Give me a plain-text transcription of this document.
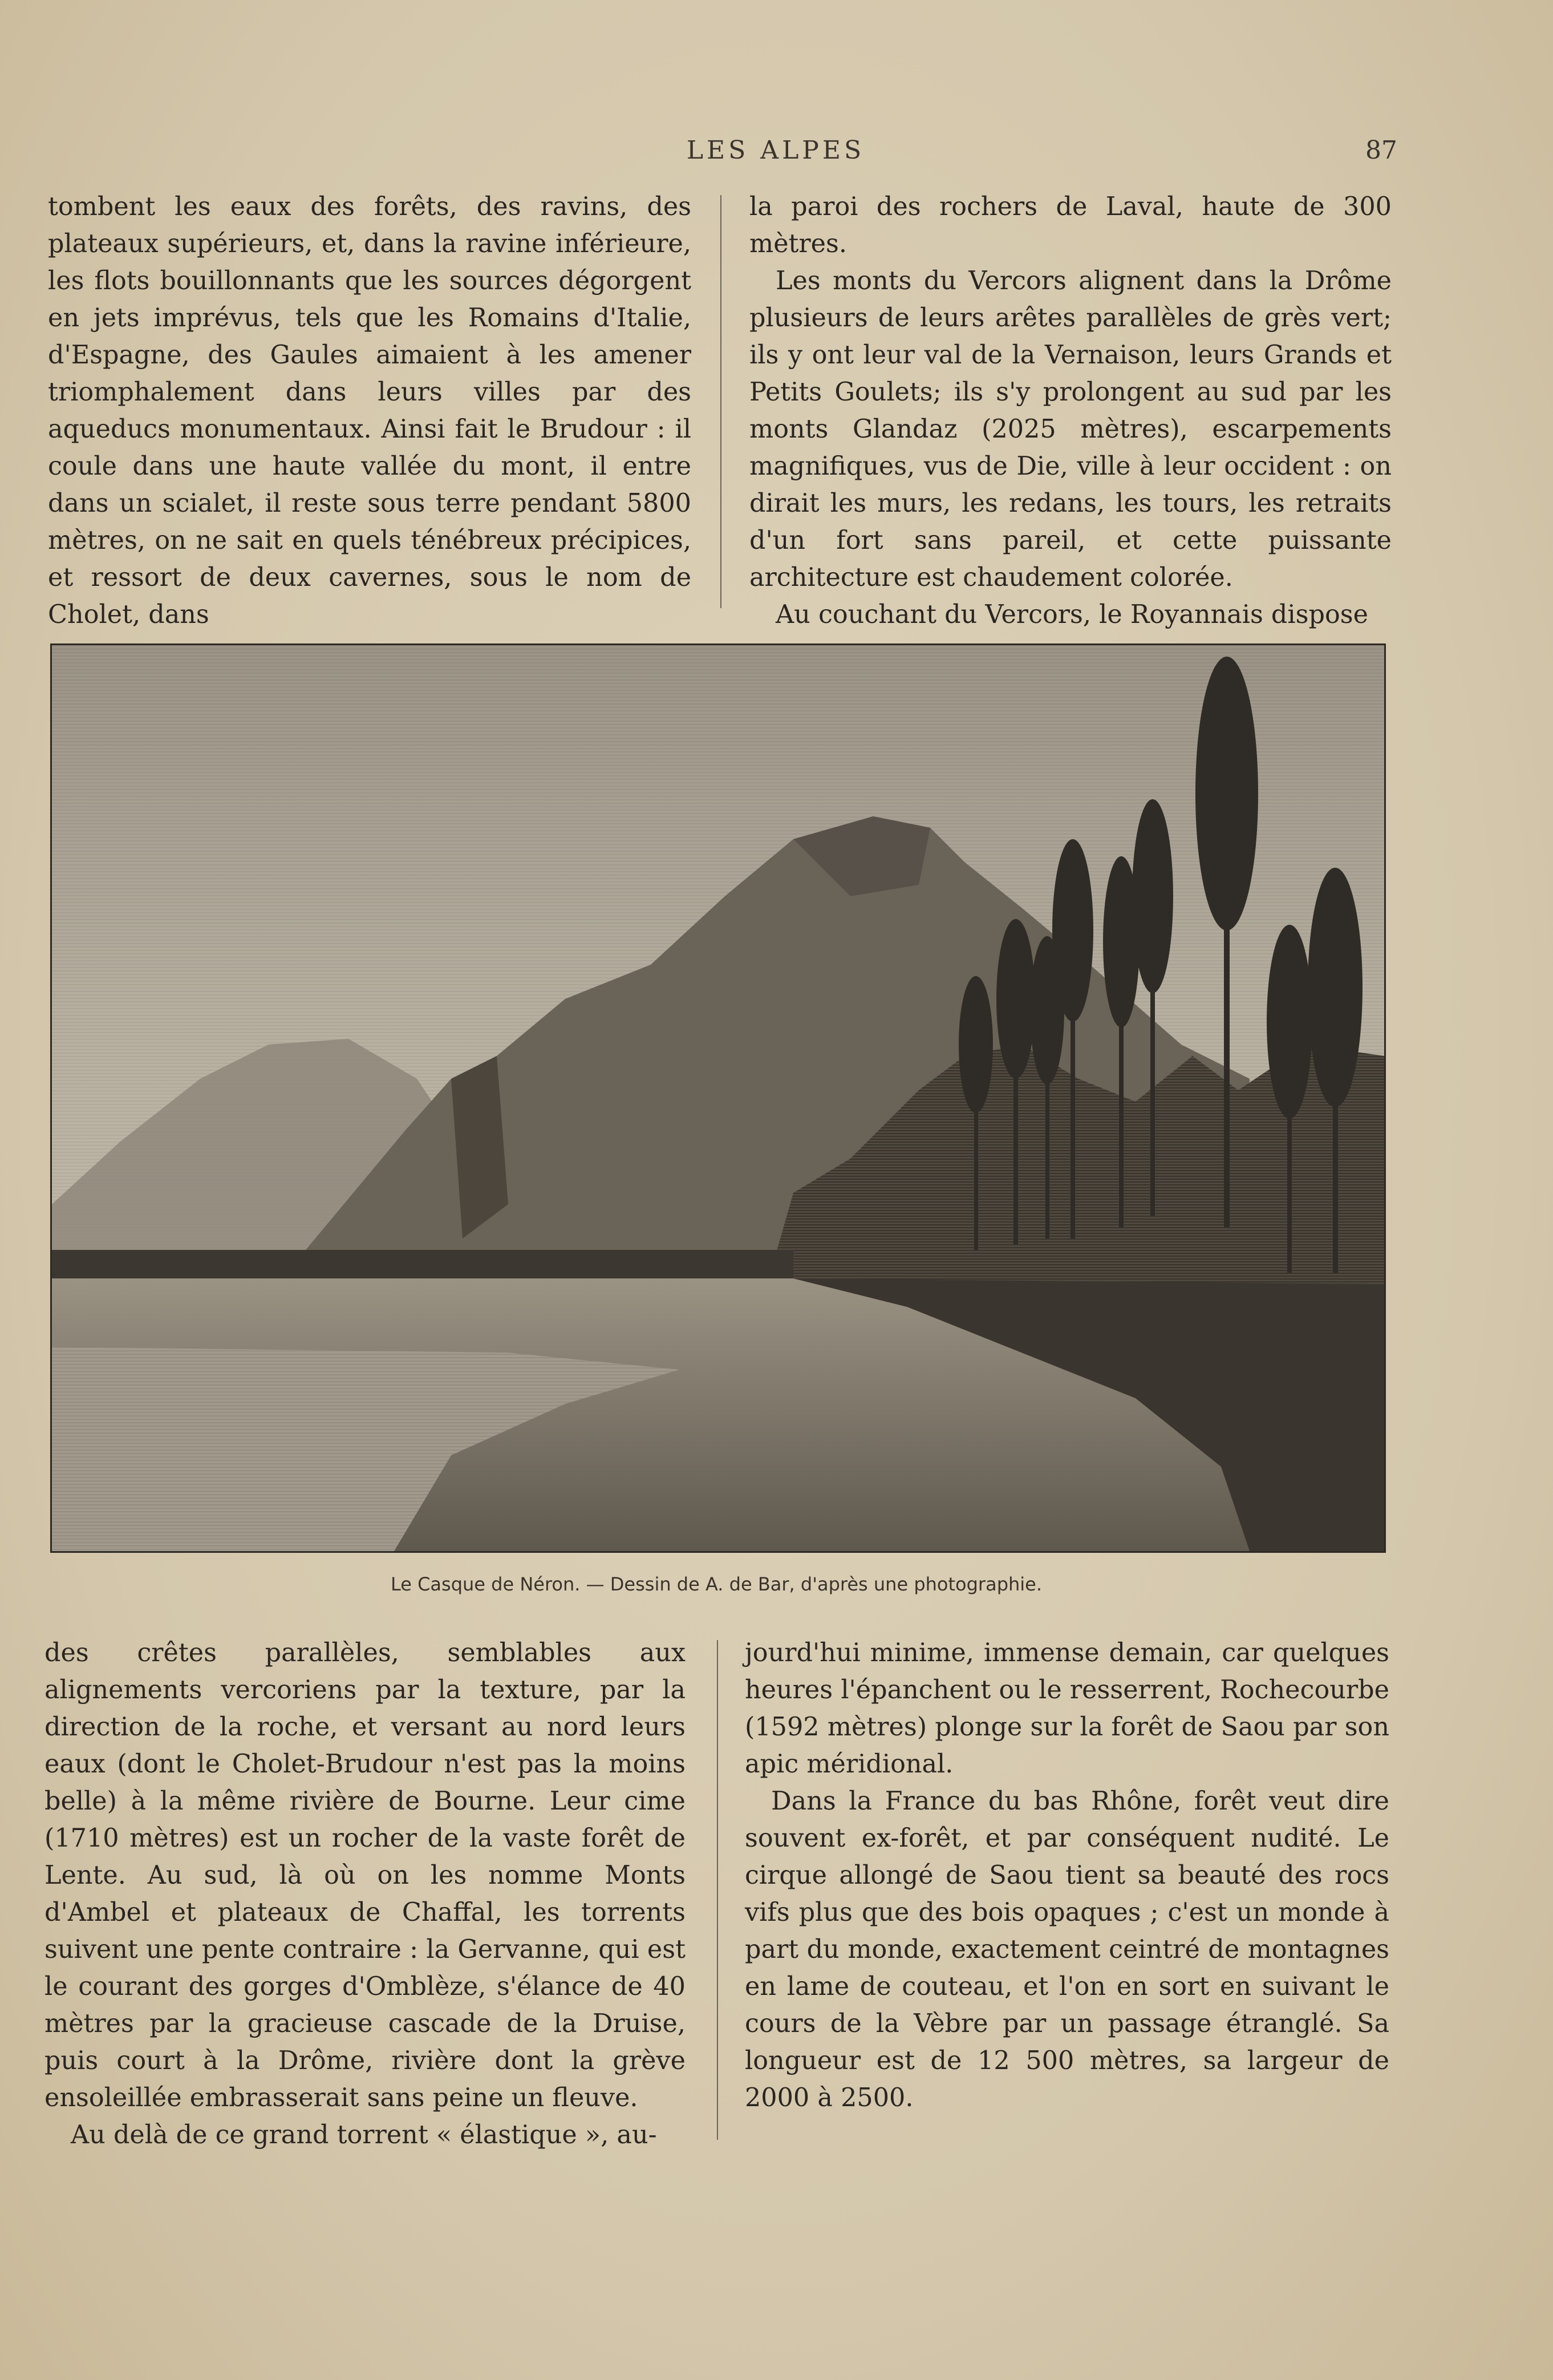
LES ALPES	87

tombent les eaux des forêts, des ravins, des plateaux supérieurs, et, dans la ravine inférieure, les flots bouillonnants que les sources dégorgent en jets imprévus, tels que les Romains d'Italie, d'Espagne, des Gaules aimaient à les amener triomphalement dans leurs villes par des aqueducs monumentaux. Ainsi fait le Brudour : il coule dans une haute vallée du mont, il entre dans un scialet, il reste sous terre pendant 5800 mètres, on ne sait en quels ténébreux précipices, et ressort de deux cavernes, sous le nom de Cholet, dans

la paroi des rochers de Laval, haute de 300 mètres.

Les monts du Vercors alignent dans la Drôme plusieurs de leurs arêtes parallèles de grès vert; ils y ont leur val de la Vernaison, leurs Grands et Petits Goulets; ils s'y prolongent au sud par les monts Glandaz (2025 mètres), escarpements magnifiques, vus de Die, ville à leur occident : on dirait les murs, les redans, les tours, les retraits d'un fort sans pareil, et cette puissante architecture est chaudement colorée.

Au couchant du Vercors, le Royannais dispose

Le Casque de Néron. — Dessin de A. de Bar, d'après une photographie.

des crêtes parallèles, semblables aux alignements vercoriens par la texture, par la direction de la roche, et versant au nord leurs eaux (dont le Cholet-Brudour n'est pas la moins belle) à la même rivière de Bourne. Leur cime (1710 mètres) est un rocher de la vaste forêt de Lente. Au sud, là où on les nomme Monts d'Ambel et plateaux de Chaffal, les torrents suivent une pente contraire : la Gervanne, qui est le courant des gorges d'Omblèze, s'élance de 40 mètres par la gracieuse cascade de la Druise, puis court à la Drôme, rivière dont la grève ensoleillée embrasserait sans peine un fleuve.

Au delà de ce grand torrent « élastique », au-

jourd'hui minime, immense demain, car quelques heures l'épanchent ou le resserrent, Rochecourbe (1592 mètres) plonge sur la forêt de Saou par son apic méridional.

Dans la France du bas Rhône, forêt veut dire souvent ex-forêt, et par conséquent nudité. Le cirque allongé de Saou tient sa beauté des rocs vifs plus que des bois opaques ; c'est un monde à part du monde, exactement ceintré de montagnes en lame de couteau, et l'on en sort en suivant le cours de la Vèbre par un passage étranglé. Sa longueur est de 12 500 mètres, sa largeur de 2000 à 2500.
